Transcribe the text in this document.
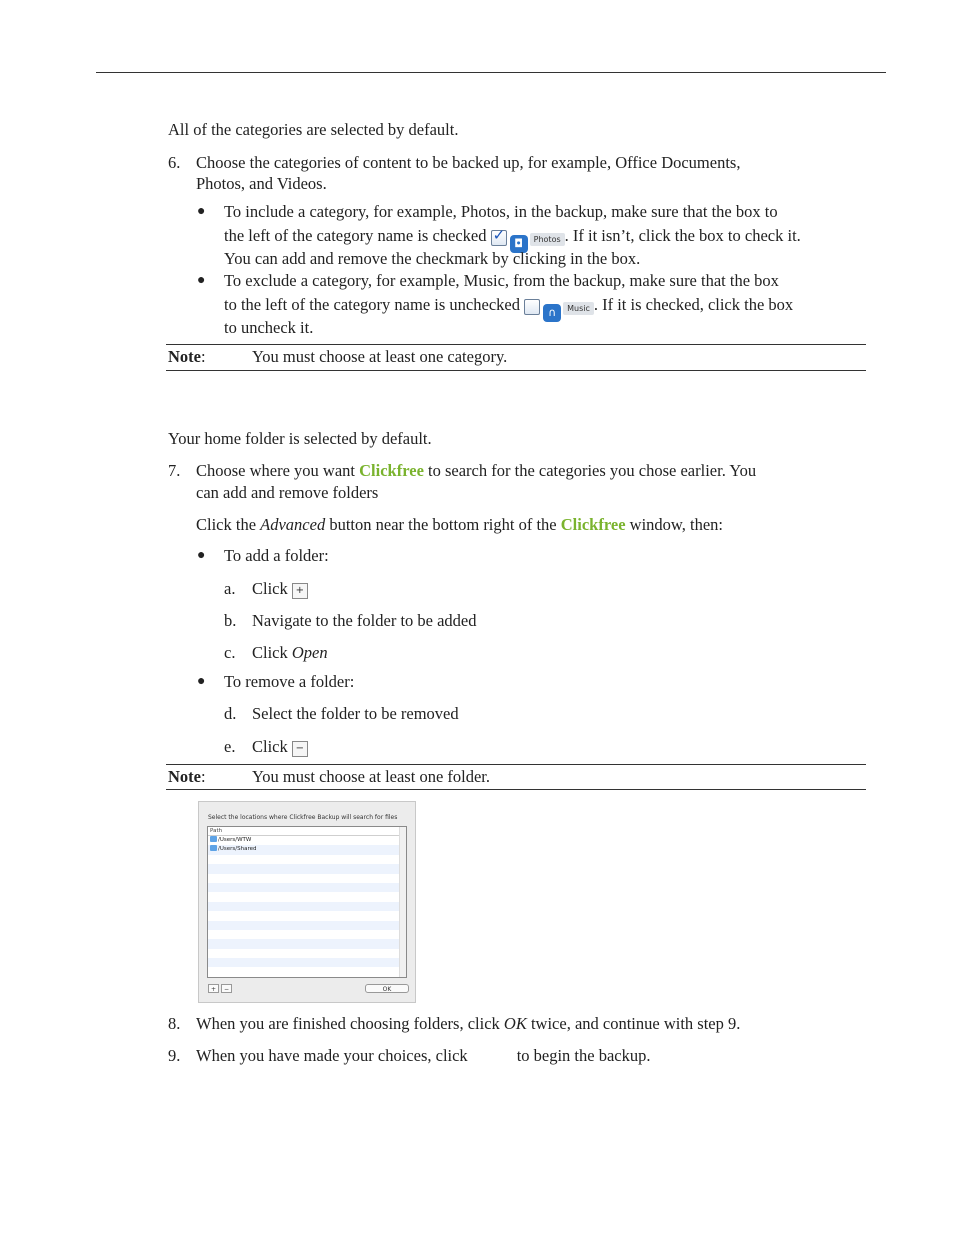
All of the categories are selected by default.
6. Choose the categories of content to be backed up, for example, Office Documents,
Photos, and Videos.
● To include a category, for example, Photos, in the backup, make sure that the box to
the left of the category name is checked ✓ ◘ Photos . If it isn’t, click the box to check it.
You can add and remove the checkmark by clicking in the box.
● To exclude a category, for example, Music, from the backup, make sure that the box
to the left of the category name is unchecked	∩ Music . If it is checked, click the box
to uncheck it.
Note:	You must choose at least one category.
Your home folder is selected by default.
7. Choose where you want Clickfree to search for the categories you chose earlier. You
can add and remove folders
Click the Advanced button near the bottom right of the Clickfree window, then:
● To add a folder:
a. Click +
b. Navigate to the folder to be added
c. Click Open
● To remove a folder:
d. Select the folder to be removed
e. Click −
Note:	You must choose at least one folder.
Select the locations where Clickfree Backup will search for files
Path
/Users/WTW
/Users/Shared
+	−	OK
8. When you are finished choosing folders, click OK twice, and continue with step 9.
9. When you have made your choices, click	to begin the backup.
